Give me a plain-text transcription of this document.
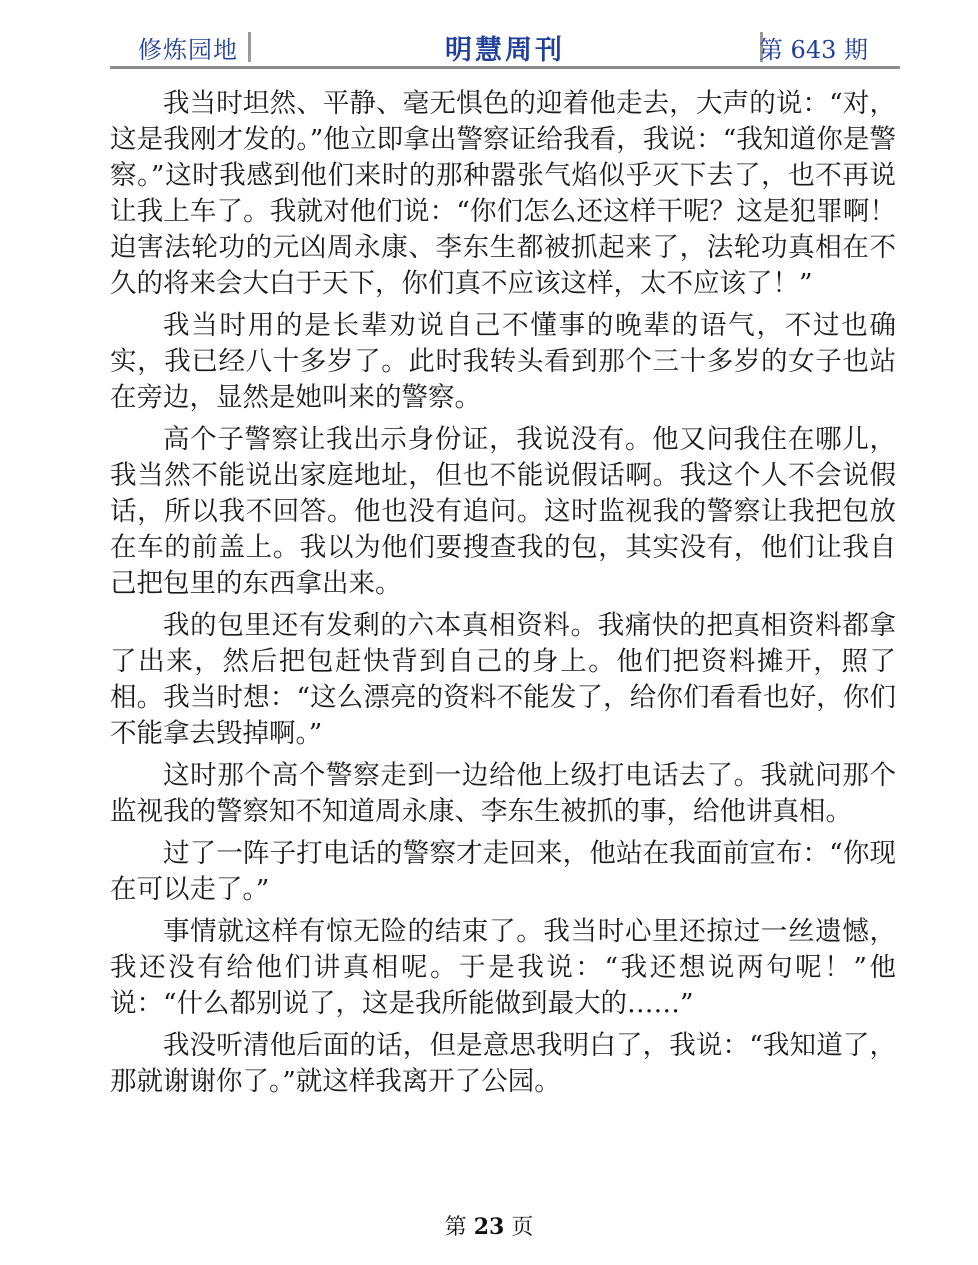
修炼园地	明慧周刊	第 643 期

我当时坦然、平静、毫无惧色的迎着他走去，大声的说：“对，这是我刚才发的。”他立即拿出警察证给我看，我说：“我知道你是警察。”这时我感到他们来时的那种嚣张气焰似乎灭下去了，也不再说让我上车了。我就对他们说：“你们怎么还这样干呢？这是犯罪啊！迫害法轮功的元凶周永康、李东生都被抓起来了，法轮功真相在不久的将来会大白于天下，你们真不应该这样，太不应该了！”

我当时用的是长辈劝说自己不懂事的晚辈的语气，不过也确实，我已经八十多岁了。此时我转头看到那个三十多岁的女子也站在旁边，显然是她叫来的警察。

高个子警察让我出示身份证，我说没有。他又问我住在哪儿，我当然不能说出家庭地址，但也不能说假话啊。我这个人不会说假话，所以我不回答。他也没有追问。这时监视我的警察让我把包放在车的前盖上。我以为他们要搜查我的包，其实没有，他们让我自己把包里的东西拿出来。

我的包里还有发剩的六本真相资料。我痛快的把真相资料都拿了出来，然后把包赶快背到自己的身上。他们把资料摊开，照了相。我当时想：“这么漂亮的资料不能发了，给你们看看也好，你们不能拿去毁掉啊。”

这时那个高个警察走到一边给他上级打电话去了。我就问那个监视我的警察知不知道周永康、李东生被抓的事，给他讲真相。

过了一阵子打电话的警察才走回来，他站在我面前宣布：“你现在可以走了。”

事情就这样有惊无险的结束了。我当时心里还掠过一丝遗憾，我还没有给他们讲真相呢。于是我说：“我还想说两句呢！”他说：“什么都别说了，这是我所能做到最大的……”

我没听清他后面的话，但是意思我明白了，我说：“我知道了，那就谢谢你了。”就这样我离开了公园。

第 23 页
